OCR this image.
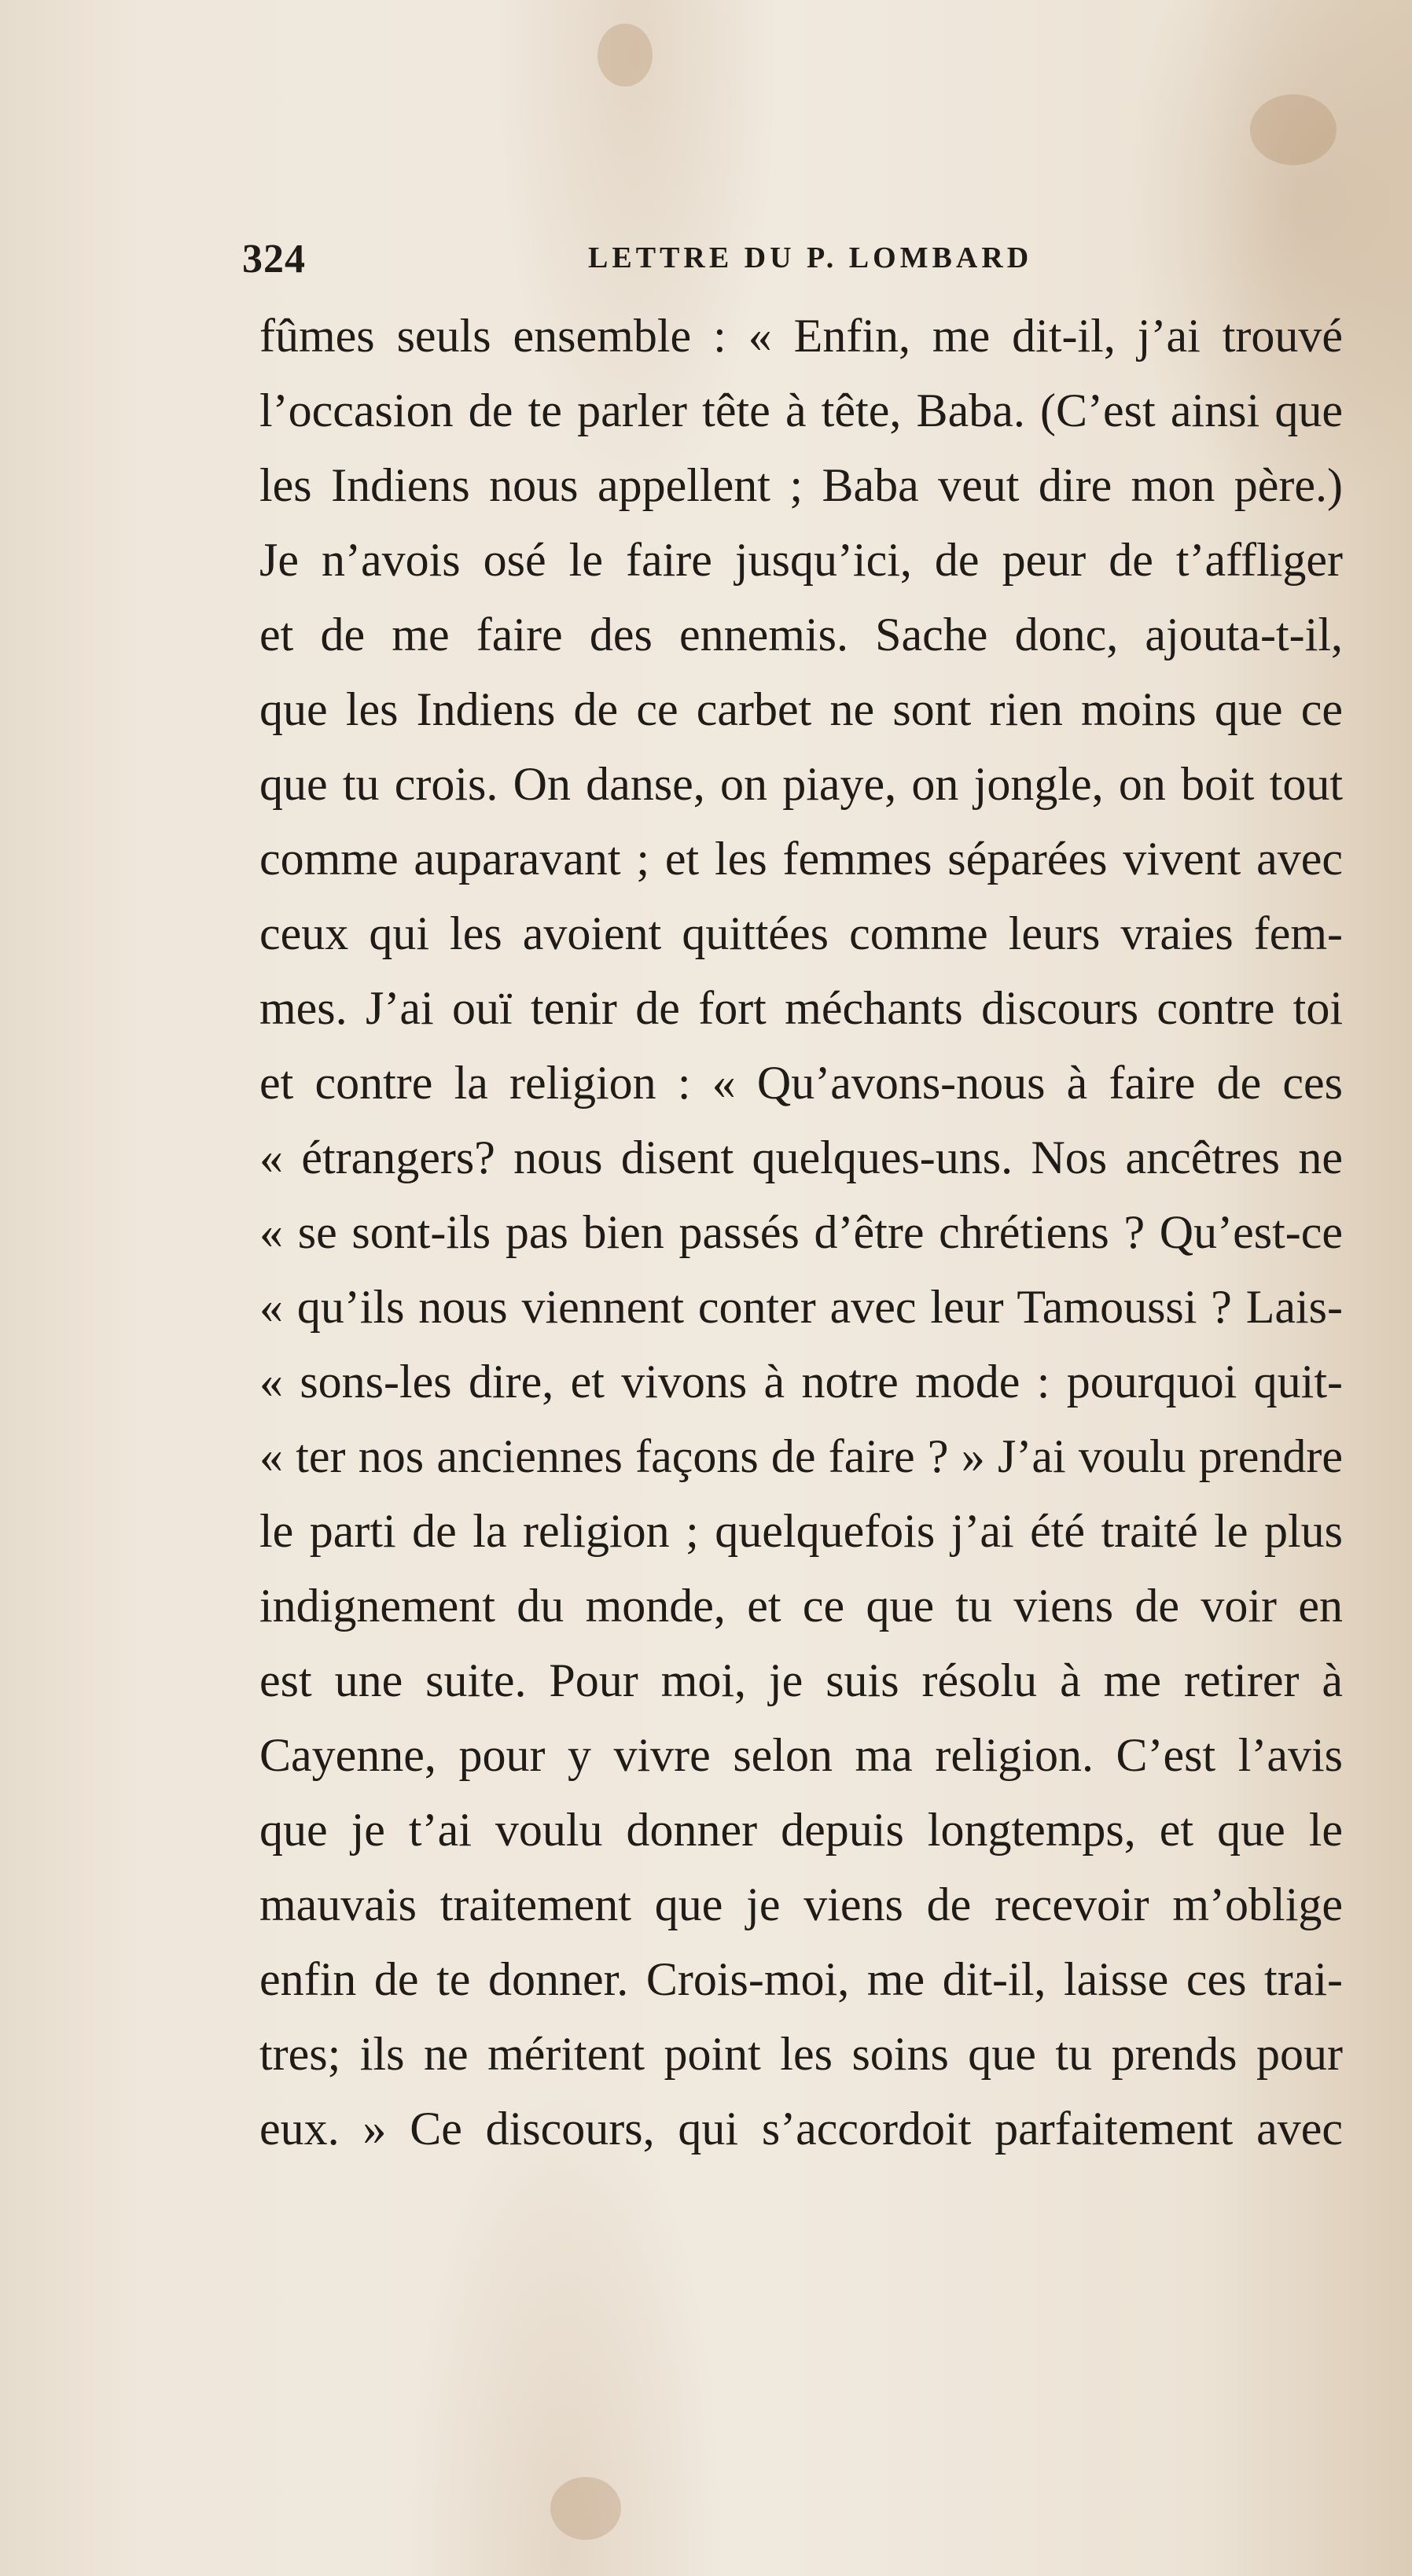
324	LETTRE DU P. LOMBARD
fûmes seuls ensemble : « Enfin, me dit-il, j’ai trouvé
l’occasion de te parler tête à tête, Baba. (C’est ainsi que
les Indiens nous appellent ; Baba veut dire mon père.)
Je n’avois osé le faire jusqu’ici, de peur de t’affliger
et de me faire des ennemis. Sache donc, ajouta-t-il,
que les Indiens de ce carbet ne sont rien moins que ce
que tu crois. On danse, on piaye, on jongle, on boit tout
comme auparavant ; et les femmes séparées vivent avec
ceux qui les avoient quittées comme leurs vraies fem-
mes. J’ai ouï tenir de fort méchants discours contre toi
et contre la religion : « Qu’avons-nous à faire de ces
« étrangers? nous disent quelques-uns. Nos ancêtres ne
« se sont-ils pas bien passés d’être chrétiens ? Qu’est-ce
« qu’ils nous viennent conter avec leur Tamoussi ? Lais-
« sons-les dire, et vivons à notre mode : pourquoi quit-
« ter nos anciennes façons de faire ? » J’ai voulu prendre
le parti de la religion ; quelquefois j’ai été traité le plus
indignement du monde, et ce que tu viens de voir en
est une suite. Pour moi, je suis résolu à me retirer à
Cayenne, pour y vivre selon ma religion. C’est l’avis
que je t’ai voulu donner depuis longtemps, et que le
mauvais traitement que je viens de recevoir m’oblige
enfin de te donner. Crois-moi, me dit-il, laisse ces trai-
tres; ils ne méritent point les soins que tu prends pour
eux. » Ce discours, qui s’accordoit parfaitement avec
